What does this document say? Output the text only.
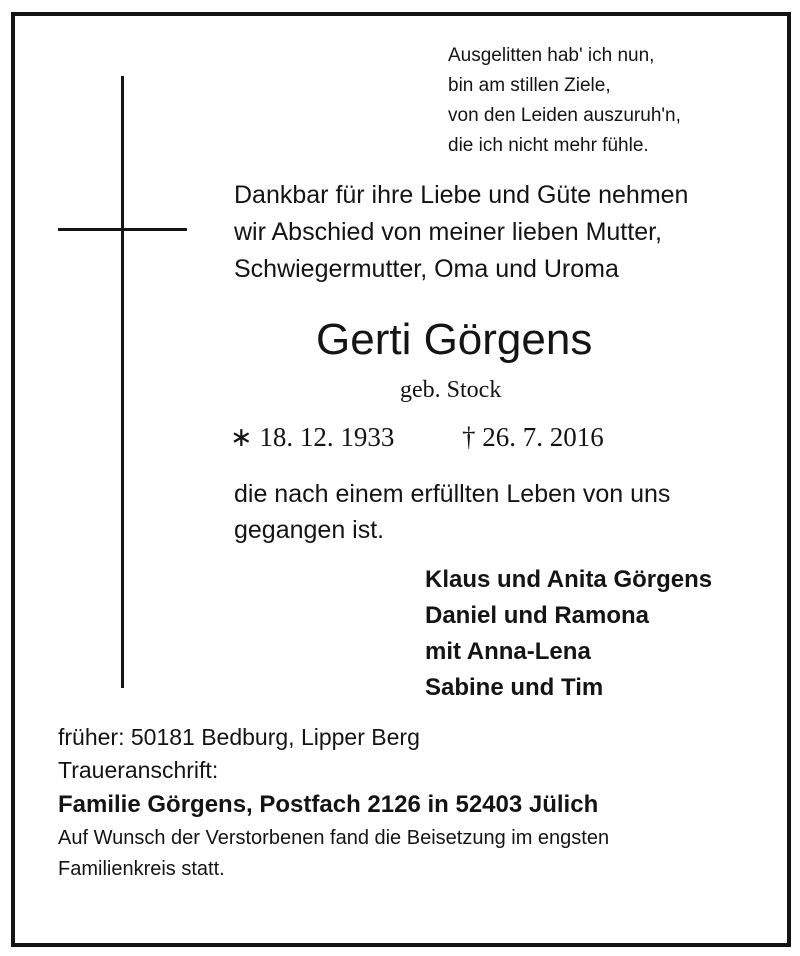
Ausgelitten hab' ich nun,
bin am stillen Ziele,
von den Leiden auszuruh'n,
die ich nicht mehr fühle.
Dankbar für ihre Liebe und Güte nehmen
wir Abschied von meiner lieben Mutter,
Schwiegermutter, Oma und Uroma
Gerti Görgens
geb. Stock
∗ 18. 12. 1933	† 26. 7. 2016
die nach einem erfüllten Leben von uns
gegangen ist.
Klaus und Anita Görgens
Daniel und Ramona
mit Anna-Lena
Sabine und Tim
früher: 50181 Bedburg, Lipper Berg
Traueranschrift:
Familie Görgens, Postfach 2126 in 52403 Jülich
Auf Wunsch der Verstorbenen fand die Beisetzung im engsten
Familienkreis statt.
